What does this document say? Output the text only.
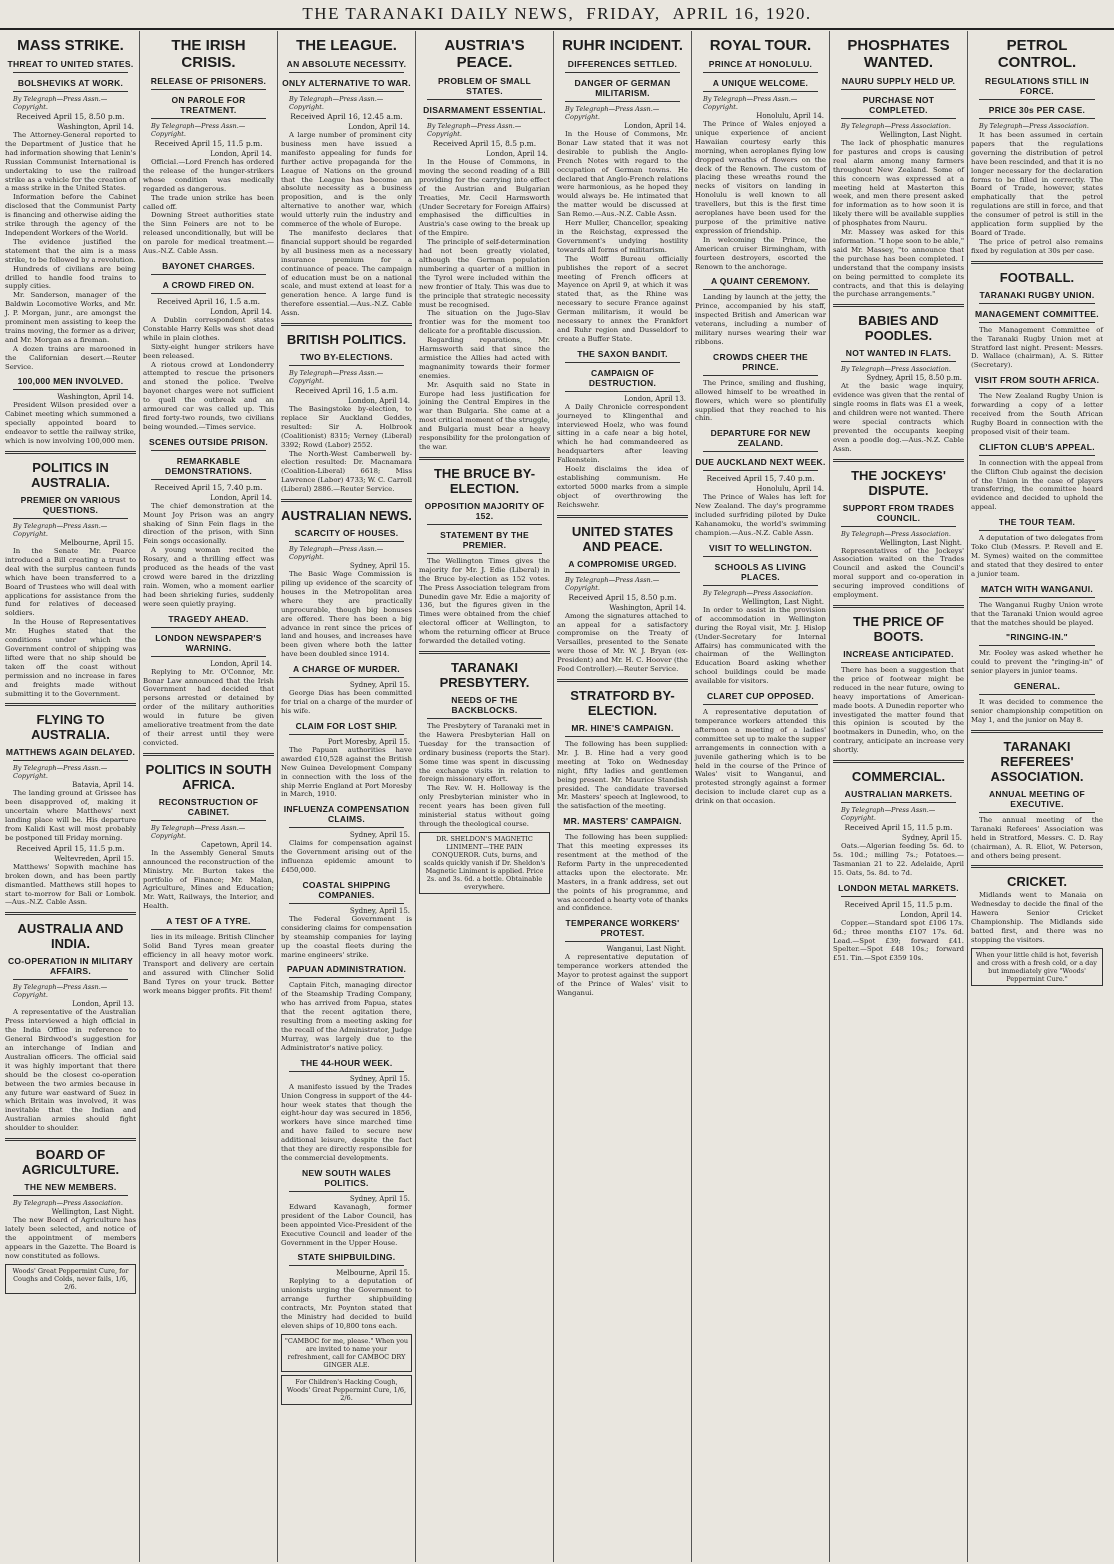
THE TARANAKI DAILY NEWS, FRIDAY, APRIL 16, 1920.
MASS STRIKE.
THREAT TO UNITED STATES.
BOLSHEVIKS AT WORK.
By Telegraph—Press Assn.—Copyright.
Received April 15, 8.50 p.m.
Washington, April 14.

The Attorney-General reported to the Department of Justice that he had information showing that Lenin's Russian Communist International is undertaking to use the railroad strike as a vehicle for the creation of a mass strike in the United States.

Information before the Cabinet disclosed that the Communist Party is financing and otherwise aiding the strike through the agency of the Independent Workers of the World.

The evidence justified the statement that the aim is a mass strike, to be followed by a revolution.

Hundreds of civilians are being drilled to handle food trains to supply cities.

Mr. Sanderson, manager of the Baldwin Locomotive Works, and Mr. J. P. Morgan, junr., are amongst the prominent men assisting to keep the trains moving, the former as a driver, and Mr. Morgan as a fireman.

A dozen trains are marooned in the Californian desert.—Reuter Service.

100,000 MEN INVOLVED.
Washington, April 14.

President Wilson presided over a Cabinet meeting which summoned a specially appointed board to endeavor to settle the railway strike, which is now involving 100,000 men.

POLITICS IN AUSTRALIA.
PREMIER ON VARIOUS QUESTIONS.
By Telegraph—Press Assn.—Copyright.
Melbourne, April 15.

In the Senate Mr. Pearce introduced a Bill creating a trust to deal with the surplus canteen funds which have been transferred to a Board of Trustees who will deal with applications for assistance from the fund for relatives of deceased soldiers.

In the House of Representatives Mr. Hughes stated that the conditions under which the Government control of shipping was lifted were that no ship should be taken off the coast without permission and no increase in fares and freights made without submitting it to the Government.

FLYING TO AUSTRALIA.
MATTHEWS AGAIN DELAYED.
By Telegraph—Press Assn.—Copyright.
Batavia, April 14.

The landing ground at Grissee has been disapproved of, making it uncertain where Matthews' next landing place will be. His departure from Kalidi Kast will most probably be postponed till Friday morning.

Received April 15, 11.5 p.m.
Weltevreden, April 15.

Matthews' Sopwith machine has broken down, and has been partly dismantled. Matthews still hopes to start to-morrow for Bali or Lombok.—Aus.-N.Z. Cable Assn.

AUSTRALIA AND INDIA.
CO-OPERATION IN MILITARY AFFAIRS.
By Telegraph—Press Assn.—Copyright.
London, April 13.

A representative of the Australian Press interviewed a high official in the India Office in reference to General Birdwood's suggestion for an interchange of Indian and Australian officers. The official said it was highly important that there should be the closest co-operation between the two armies because in any future war eastward of Suez in which Britain was involved, it was inevitable that the Indian and Australian armies should fight shoulder to shoulder.

BOARD OF AGRICULTURE.
THE NEW MEMBERS.
By Telegraph—Press Association.
Wellington, Last Night.

The new Board of Agriculture has lately been selected, and notice of the appointment of members appears in the Gazette. The Board is now constituted as follows.

Woods' Great Peppermint Cure, for Coughs and Colds, never fails, 1/6, 2/6.
THE IRISH CRISIS.
RELEASE OF PRISONERS.
ON PAROLE FOR TREATMENT.
By Telegraph—Press Assn.—Copyright.
Received April 15, 11.5 p.m.
London, April 14.

Official.—Lord French has ordered the release of the hunger-strikers whose condition was medically regarded as dangerous.

The trade union strike has been called off.

Downing Street authorities state the Sinn Feiners are not to be released unconditionally, but will be on parole for medical treatment.—Aus.-N.Z. Cable Assn.

BAYONET CHARGES.
A CROWD FIRED ON.
Received April 16, 1.5 a.m.
London, April 14.

A Dublin correspondent states Constable Harry Kells was shot dead while in plain clothes.

Sixty-eight hunger strikers have been released.

A riotous crowd at Londonderry attempted to rescue the prisoners and stoned the police. Twelve bayonet charges were not sufficient to quell the outbreak and an armoured car was called up. This fired forty-two rounds, two civilians being wounded.—Times service.

SCENES OUTSIDE PRISON.
REMARKABLE DEMONSTRATIONS.
Received April 15, 7.40 p.m.
London, April 14.

The chief demonstration at the Mount Joy Prison was an angry shaking of Sinn Fein flags in the direction of the prison, with Sinn Fein songs occasionally.

A young woman recited the Rosary, and a thrilling effect was produced as the heads of the vast crowd were bared in the drizzling rain. Women, who a moment earlier had been shrieking furies, suddenly were seen quietly praying.

TRAGEDY AHEAD.
LONDON NEWSPAPER'S WARNING.
London, April 14.

Replying to Mr. O'Connor, Mr. Bonar Law announced that the Irish Government had decided that persons arrested or detained by order of the military authorities would in future be given ameliorative treatment from the date of their arrest until they were convicted.

POLITICS IN SOUTH AFRICA.
RECONSTRUCTION OF CABINET.
By Telegraph—Press Assn.—Copyright.
Capetown, April 14.

In the Assembly General Smuts announced the reconstruction of the Ministry. Mr. Burton takes the portfolio of Finance; Mr. Malan, Agriculture, Mines and Education; Mr. Watt, Railways, the Interior, and Health.

A TEST OF A TYRE.

lies in its mileage. British Clincher Solid Band Tyres mean greater efficiency in all heavy motor work. Transport and delivery are certain and assured with Clincher Solid Band Tyres on your truck. Better work means bigger profits. Fit them!

THE LEAGUE.
AN ABSOLUTE NECESSITY.
ONLY ALTERNATIVE TO WAR.
By Telegraph—Press Assn.—Copyright.
Received April 16, 12.45 a.m.
London, April 14.

A large number of prominent city business men have issued a manifesto appealing for funds for further active propaganda for the League of Nations on the ground that the League has become an absolute necessity as a business proposition, and is the only alternative to another war, which would utterly ruin the industry and commerce of the whole of Europe.

The manifesto declares that financial support should be regarded by all business men as a necessary insurance premium for a continuance of peace. The campaign of education must be on a national scale, and must extend at least for a generation hence. A large fund is therefore essential.—Aus.-N.Z. Cable Assn.

BRITISH POLITICS.
TWO BY-ELECTIONS.
By Telegraph—Press Assn.—Copyright.
Received April 16, 1.5 a.m.
London, April 14.

The Basingstoke by-election, to replace Sir Auckland Geddes, resulted: Sir A. Holbrook (Coalitionist) 8315; Verney (Liberal) 3392; Rowd (Labor) 2552.

The North-West Camberwell by-election resulted: Dr. Macnamara (Coalition-Liberal) 6618; Miss Lawrence (Labor) 4733; W. C. Carroll (Liberal) 2886.—Reuter Service.

AUSTRALIAN NEWS.
SCARCITY OF HOUSES.
By Telegraph—Press Assn.—Copyright.
Sydney, April 15.

The Basic Wage Commission is piling up evidence of the scarcity of houses in the Metropolitan area where they are practically unprocurable, though big bonuses are offered. There has been a big advance in rent since the prices of land and houses, and increases have been given where both the latter have been doubled since 1914.

A CHARGE OF MURDER.
Sydney, April 15.

George Dias has been committed for trial on a charge of the murder of his wife.

CLAIM FOR LOST SHIP.
Port Moresby, April 15.

The Papuan authorities have awarded £10,528 against the British New Guinea Development Company in connection with the loss of the ship Merrie England at Port Moresby in March, 1910.

INFLUENZA COMPENSATION CLAIMS.
Sydney, April 15.

Claims for compensation against the Government arising out of the influenza epidemic amount to £450,000.

COASTAL SHIPPING COMPANIES.
Sydney, April 15.

The Federal Government is considering claims for compensation by steamship companies for laying up the coastal fleets during the marine engineers' strike.

PAPUAN ADMINISTRATION.

Captain Fitch, managing director of the Steamship Trading Company, who has arrived from Papua, states that the recent agitation there, resulting from a meeting asking for the recall of the Administrator, Judge Murray, was largely due to the Administrator's native policy.

THE 44-HOUR WEEK.
Sydney, April 15.

A manifesto issued by the Trades Union Congress in support of the 44-hour week states that though the eight-hour day was secured in 1856, workers have since marched time and have failed to secure new additional leisure, despite the fact that they are directly responsible for the commercial developments.

NEW SOUTH WALES POLITICS.
Sydney, April 15.

Edward Kavanagh, former president of the Labor Council, has been appointed Vice-President of the Executive Council and leader of the Government in the Upper House.

STATE SHIPBUILDING.
Melbourne, April 15.

Replying to a deputation of unionists urging the Government to arrange further shipbuilding contracts, Mr. Poynton stated that the Ministry had decided to build eleven ships of 10,800 tons each.

"CAMBOC for me, please." When you are invited to name your refreshment, call for CAMBOC DRY GINGER ALE.
For Children's Hacking Cough, Woods' Great Peppermint Cure, 1/6, 2/6.
AUSTRIA'S PEACE.
PROBLEM OF SMALL STATES.
DISARMAMENT ESSENTIAL.
By Telegraph—Press Assn.—Copyright.
Received April 15, 8.5 p.m.
London, April 14.

In the House of Commons, in moving the second reading of a Bill providing for the carrying into effect of the Austrian and Bulgarian Treaties, Mr. Cecil Harmsworth (Under Secretary for Foreign Affairs) emphasised the difficulties in Austria's case owing to the break up of the Empire.

The principle of self-determination had not been greatly violated, although the German population numbering a quarter of a million in the Tyrol were included within the new frontier of Italy. This was due to the principle that strategic necessity must be recognised.

The situation on the Jugo-Slav frontier was for the moment too delicate for a profitable discussion.

Regarding reparations, Mr. Harmsworth said that since the armistice the Allies had acted with magnanimity towards their former enemies.

Mr. Asquith said no State in Europe had less justification for joining the Central Empires in the war than Bulgaria. She came at a most critical moment of the struggle, and Bulgaria must bear a heavy responsibility for the prolongation of the war.

THE BRUCE BY-ELECTION.
OPPOSITION MAJORITY OF 152.
STATEMENT BY THE PREMIER.

The Wellington Times gives the majority for Mr. J. Edie (Liberal) in the Bruce by-election as 152 votes. The Press Association telegram from Dunedin gave Mr. Edie a majority of 136, but the figures given in the Times were obtained from the chief electoral officer at Wellington, to whom the returning officer at Bruce forwarded the detailed voting.

TARANAKI PRESBYTERY.
NEEDS OF THE BACKBLOCKS.

The Presbytery of Taranaki met in the Hawera Presbyterian Hall on Tuesday for the transaction of ordinary business (reports the Star). Some time was spent in discussing the exchange visits in relation to foreign missionary effort.

The Rev. W. H. Holloway is the only Presbyterian minister who in recent years has been given full ministerial status without going through the theological course.

DR. SHELDON'S MAGNETIC LINIMENT—THE PAIN CONQUEROR. Cuts, burns, and scalds quickly vanish if Dr. Sheldon's Magnetic Liniment is applied. Price 2s. and 3s. 6d. a bottle. Obtainable everywhere.
RUHR INCIDENT.
DIFFERENCES SETTLED.
DANGER OF GERMAN MILITARISM.
By Telegraph—Press Assn.—Copyright.
London, April 14.

In the House of Commons, Mr. Bonar Law stated that it was not desirable to publish the Anglo-French Notes with regard to the occupation of German towns. He declared that Anglo-French relations were harmonious, as he hoped they would always be. He intimated that the matter would be discussed at San Remo.—Aus.-N.Z. Cable Assn.

Herr Muller, Chancellor, speaking in the Reichstag, expressed the Government's undying hostility towards all forms of militarism.

The Wolff Bureau officially publishes the report of a secret meeting of French officers at Mayence on April 9, at which it was stated that, as the Rhine was necessary to secure France against German militarism, it would be necessary to annex the Frankfort and Ruhr region and Dusseldorf to create a Buffer State.

THE SAXON BANDIT.
CAMPAIGN OF DESTRUCTION.
London, April 13.

A Daily Chronicle correspondent journeyed to Klingenthal and interviewed Hoelz, who was found sitting in a cafe near a big hotel, which he had commandeered as headquarters after leaving Falkenstein.

Hoelz disclaims the idea of establishing communism. He extorted 5000 marks from a simple object of overthrowing the Reichswehr.

UNITED STATES AND PEACE.
A COMPROMISE URGED.
By Telegraph—Press Assn.—Copyright.
Received April 15, 8.50 p.m.
Washington, April 14.

Among the signatures attached to an appeal for a satisfactory compromise on the Treaty of Versailles, presented to the Senate were those of Mr. W. J. Bryan (ex-President) and Mr. H. C. Hoover (the Food Controller).—Reuter Service.

STRATFORD BY-ELECTION.
MR. HINE'S CAMPAIGN.

The following has been supplied: Mr. J. B. Hine had a very good meeting at Toko on Wednesday night, fifty ladies and gentlemen being present. Mr. Maurice Standish presided. The candidate traversed Mr. Masters' speech at Inglewood, to the satisfaction of the meeting.

MR. MASTERS' CAMPAIGN.

The following has been supplied: That this meeting expresses its resentment at the method of the Reform Party in the unprecedented attacks upon the electorate. Mr. Masters, in a frank address, set out the points of his programme, and was accorded a hearty vote of thanks and confidence.

TEMPERANCE WORKERS' PROTEST.
Wanganui, Last Night.

A representative deputation of temperance workers attended the Mayor to protest against the support of the Prince of Wales' visit to Wanganui.

ROYAL TOUR.
PRINCE AT HONOLULU.
A UNIQUE WELCOME.
By Telegraph—Press Assn.—Copyright.
Honolulu, April 14.

The Prince of Wales enjoyed a unique experience of ancient Hawaiian courtesy early this morning, when aeroplanes flying low dropped wreaths of flowers on the deck of the Renown. The custom of placing these wreaths round the necks of visitors on landing in Honolulu is well known to all travellers, but this is the first time aeroplanes have been used for the purpose of the primitive native expression of friendship.

In welcoming the Prince, the American cruiser Birmingham, with fourteen destroyers, escorted the Renown to the anchorage.

A QUAINT CEREMONY.

Landing by launch at the jetty, the Prince, accompanied by his staff, inspected British and American war veterans, including a number of military nurses wearing their war ribbons.

CROWDS CHEER THE PRINCE.

The Prince, smiling and flushing, allowed himself to be wreathed in flowers, which were so plentifully supplied that they reached to his chin.

DEPARTURE FOR NEW ZEALAND.
DUE AUCKLAND NEXT WEEK.
Received April 15, 7.40 p.m.
Honolulu, April 14.

The Prince of Wales has left for New Zealand. The day's programme included surfriding piloted by Duke Kahanamoku, the world's swimming champion.—Aus.-N.Z. Cable Assn.

VISIT TO WELLINGTON.
SCHOOLS AS LIVING PLACES.
By Telegraph—Press Association.
Wellington, Last Night.

In order to assist in the provision of accommodation in Wellington during the Royal visit, Mr. J. Hislop (Under-Secretary for Internal Affairs) has communicated with the chairman of the Wellington Education Board asking whether school buildings could be made available for visitors.

CLARET CUP OPPOSED.

A representative deputation of temperance workers attended this afternoon a meeting of a ladies' committee set up to make the supper arrangements in connection with a juvenile gathering which is to be held in the course of the Prince of Wales' visit to Wanganui, and protested strongly against a former decision to include claret cup as a drink on that occasion.

PHOSPHATES WANTED.
NAURU SUPPLY HELD UP.
PURCHASE NOT COMPLETED.
By Telegraph—Press Association.
Wellington, Last Night.

The lack of phosphatic manures for pastures and crops is causing real alarm among many farmers throughout New Zealand. Some of this concern was expressed at a meeting held at Masterton this week, and men there present asked for information as to how soon it is likely there will be available supplies of phosphates from Nauru.

Mr. Massey was asked for this information. "I hope soon to be able," said Mr. Massey, "to announce that the purchase has been completed. I understand that the company insists on being permitted to complete its contracts, and that this is delaying the purchase arrangements."

BABIES AND POODLES.
NOT WANTED IN FLATS.
By Telegraph—Press Association.
Sydney, April 15, 8.50 p.m.

At the basic wage inquiry, evidence was given that the rental of single rooms in flats was £1 a week, and children were not wanted. There were special contracts which prevented the occupants keeping even a poodle dog.—Aus.-N.Z. Cable Assn.

THE JOCKEYS' DISPUTE.
SUPPORT FROM TRADES COUNCIL.
By Telegraph—Press Association.
Wellington, Last Night.

Representatives of the Jockeys' Association waited on the Trades Council and asked the Council's moral support and co-operation in securing improved conditions of employment.

THE PRICE OF BOOTS.
INCREASE ANTICIPATED.

There has been a suggestion that the price of footwear might be reduced in the near future, owing to heavy importations of American-made boots. A Dunedin reporter who investigated the matter found that this opinion is scouted by the bootmakers in Dunedin, who, on the contrary, anticipate an increase very shortly.

COMMERCIAL.
AUSTRALIAN MARKETS.
By Telegraph—Press Assn.—Copyright.
Received April 15, 11.5 p.m.
Sydney, April 15.

Oats.—Algerian feeding 5s. 6d. to 5s. 10d.; milling 7s.; Potatoes.—Tasmanian 21 to 22. Adelaide, April 15. Oats, 5s. 8d. to 7d.

LONDON METAL MARKETS.
Received April 15, 11.5 p.m.
London, April 14.

Copper.—Standard spot £106 17s. 6d.; three months £107 17s. 6d. Lead.—Spot £39; forward £41. Spelter.—Spot £48 10s.; forward £51. Tin.—Spot £359 10s.

PETROL CONTROL.
REGULATIONS STILL IN FORCE.
PRICE 30s PER CASE.
By Telegraph—Press Association.

It has been assumed in certain papers that the regulations governing the distribution of petrol have been rescinded, and that it is no longer necessary for the declaration forms to be filled in correctly. The Board of Trade, however, states emphatically that the petrol regulations are still in force, and that the consumer of petrol is still in the application form supplied by the Board of Trade.

The price of petrol also remains fixed by regulation at 30s per case.

FOOTBALL.
TARANAKI RUGBY UNION.
MANAGEMENT COMMITTEE.

The Management Committee of the Taranaki Rugby Union met at Stratford last night. Present: Messrs. D. Wallace (chairman), A. S. Ritter (Secretary).

VISIT FROM SOUTH AFRICA.

The New Zealand Rugby Union is forwarding a copy of a letter received from the South African Rugby Board in connection with the proposed visit of their team.

CLIFTON CLUB'S APPEAL.

In connection with the appeal from the Clifton Club against the decision of the Union in the case of players transferring, the committee heard evidence and decided to uphold the appeal.

THE TOUR TEAM.

A deputation of two delegates from Toko Club (Messrs. P. Revell and E. M. Symes) waited on the committee and stated that they desired to enter a junior team.

MATCH WITH WANGANUI.

The Wanganui Rugby Union wrote that the Taranaki Union would agree that the matches should be played.

"RINGING-IN."

Mr. Fooley was asked whether he could to prevent the "ringing-in" of senior players in junior teams.

GENERAL.

It was decided to commence the senior championship competition on May 1, and the junior on May 8.

TARANAKI REFEREES' ASSOCIATION.
ANNUAL MEETING OF EXECUTIVE.

The annual meeting of the Taranaki Referees' Association was held in Stratford, Messrs. C. D. Ray (chairman), A. R. Eliot, W. Peterson, and others being present.

CRICKET.

Midlands went to Manaia on Wednesday to decide the final of the Hawera Senior Cricket Championship. The Midlands side batted first, and there was no stopping the visitors.

When your little child is hot, feverish and cross with a fresh cold, or a day but immediately give "Woods' Peppermint Cure."
